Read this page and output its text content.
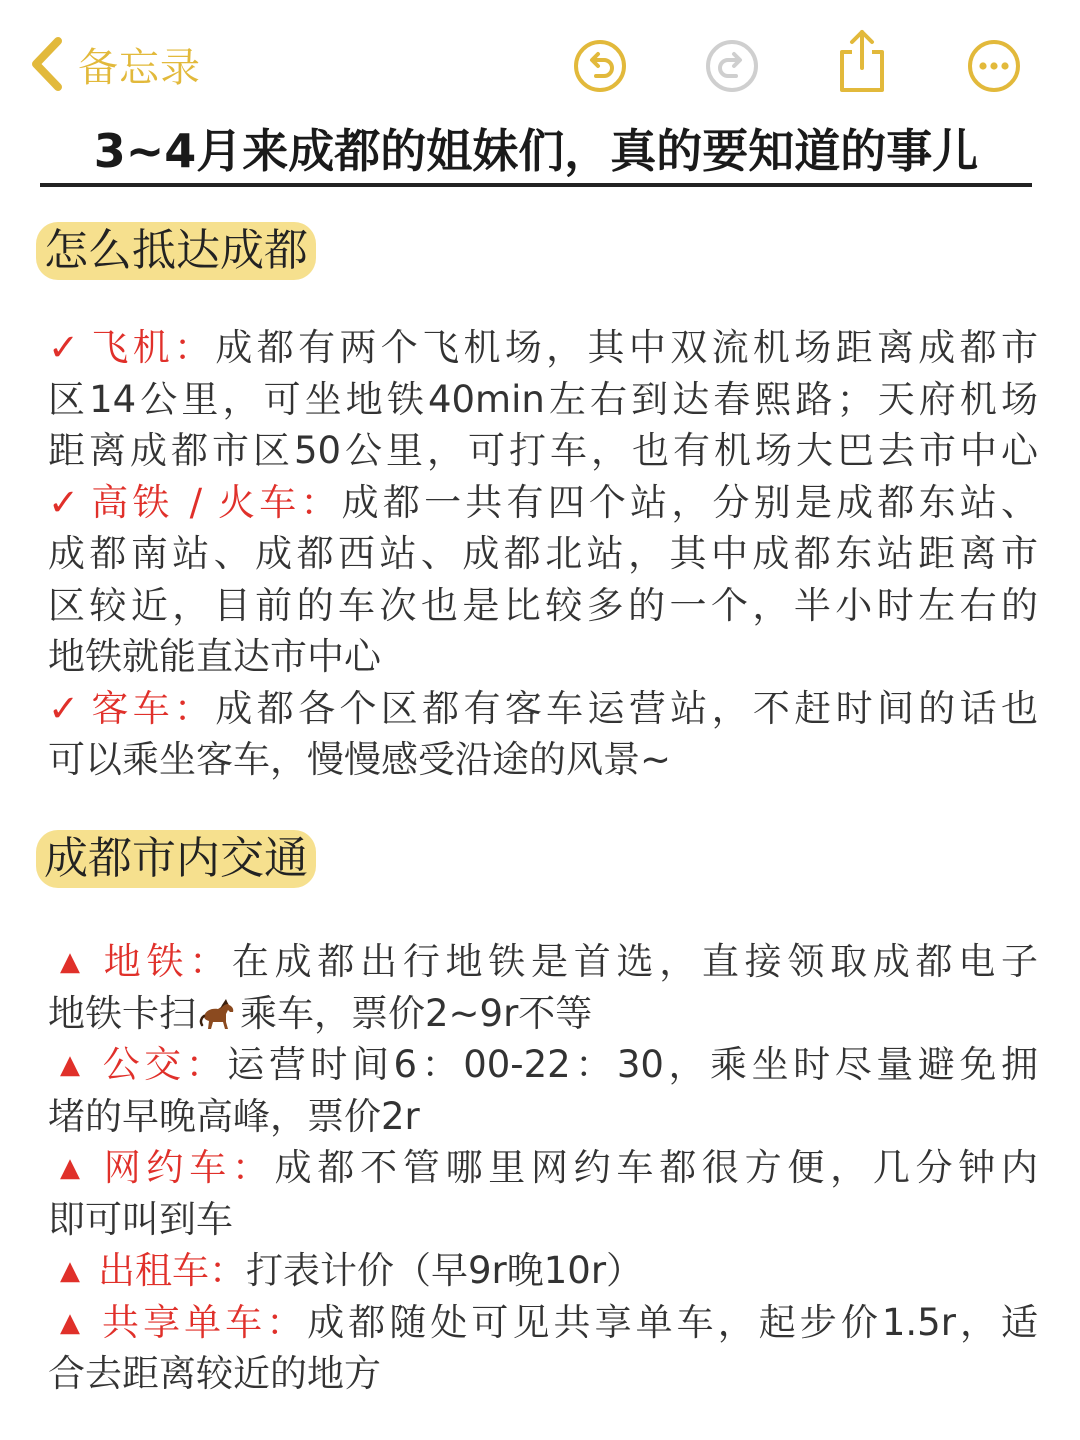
备忘录
3~4月来成都的姐妹们，真的要知道的事儿
怎么抵达成都
✓ 飞机：成都有两个飞机场，其中双流机场距离成都市
区14公里，可坐地铁40min左右到达春熙路；天府机场
距离成都市区50公里，可打车，也有机场大巴去市中心
✓ 高铁 / 火车：成都一共有四个站，分别是成都东站、
成都南站、成都西站、成都北站，其中成都东站距离市
区较近，目前的车次也是比较多的一个，半小时左右的
地铁就能直达市中心
✓ 客车：成都各个区都有客车运营站，不赶时间的话也
可以乘坐客车，慢慢感受沿途的风景~
成都市内交通
▲ 地铁：在成都出行地铁是首选，直接领取成都电子
地铁卡扫 乘车，票价2~9r不等
▲ 公交：运营时间6：00-22：30，乘坐时尽量避免拥
堵的早晚高峰，票价2r
▲ 网约车：成都不管哪里网约车都很方便，几分钟内
即可叫到车
▲ 出租车：打表计价（早9r晚10r）
▲ 共享单车：成都随处可见共享单车，起步价1.5r，适
合去距离较近的地方
